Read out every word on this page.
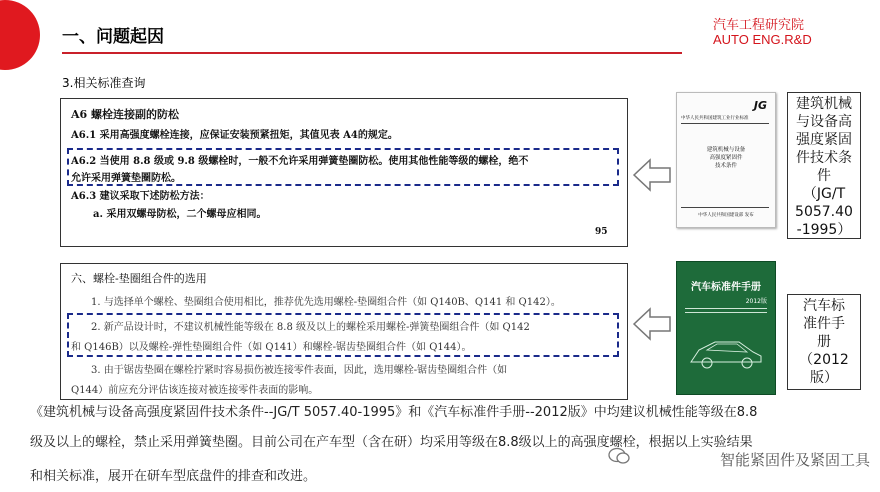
一、问题起因
汽车工程研究院
AUTO ENG.R&D
3.相关标准查询
A6 螺栓连接副的防松
A6.1 采用高强度螺栓连接，应保证安装预紧扭矩，其值见表 A4的规定。
A6.2 当使用 8.8 级或 9.8 级螺栓时，一般不允许采用弹簧垫圈防松。使用其他性能等级的螺栓，绝不
允许采用弹簧垫圈防松。
A6.3 建议采取下述防松方法：
a. 采用双螺母防松，二个螺母应相同。
95
六、螺栓-垫圈组合件的选用
1. 与选择单个螺栓、垫圈组合使用相比，推荐优先选用螺栓-垫圈组合件（如 Q140B、Q141 和 Q142）。
2. 新产品设计时，不建议机械性能等级在 8.8 级及以上的螺栓采用螺栓-弹簧垫圈组合件（如 Q142
和 Q146B）以及螺栓-弹性垫圈组合件（如 Q141）和螺栓-锯齿垫圈组合件（如 Q144）。
3. 由于锯齿垫圈在螺栓拧紧时容易损伤被连接零件表面，因此，选用螺栓-锯齿垫圈组合件（如
Q144）前应充分评估该连接对被连接零件表面的影响。
JG
中华人民共和国建筑工业行业标准
建筑机械与设备
高强度紧固件
技术条件
中华人民共和国建设部 发布
汽车标准件手册
2012版
建筑机械
与设备高
强度紧固
件技术条
件
（JG/T
5057.40
-1995）
汽车标
准件手
册
（2012
版）
《建筑机械与设备高强度紧固件技术条件--JG/T 5057.40-1995》和《汽车标准件手册--2012版》中均建议机械性能等级在8.8
级及以上的螺栓，禁止采用弹簧垫圈。目前公司在产车型（含在研）均采用等级在8.8级以上的高强度螺栓，根据以上实验结果
和相关标准，展开在研车型底盘件的排查和改进。
智能紧固件及紧固工具
